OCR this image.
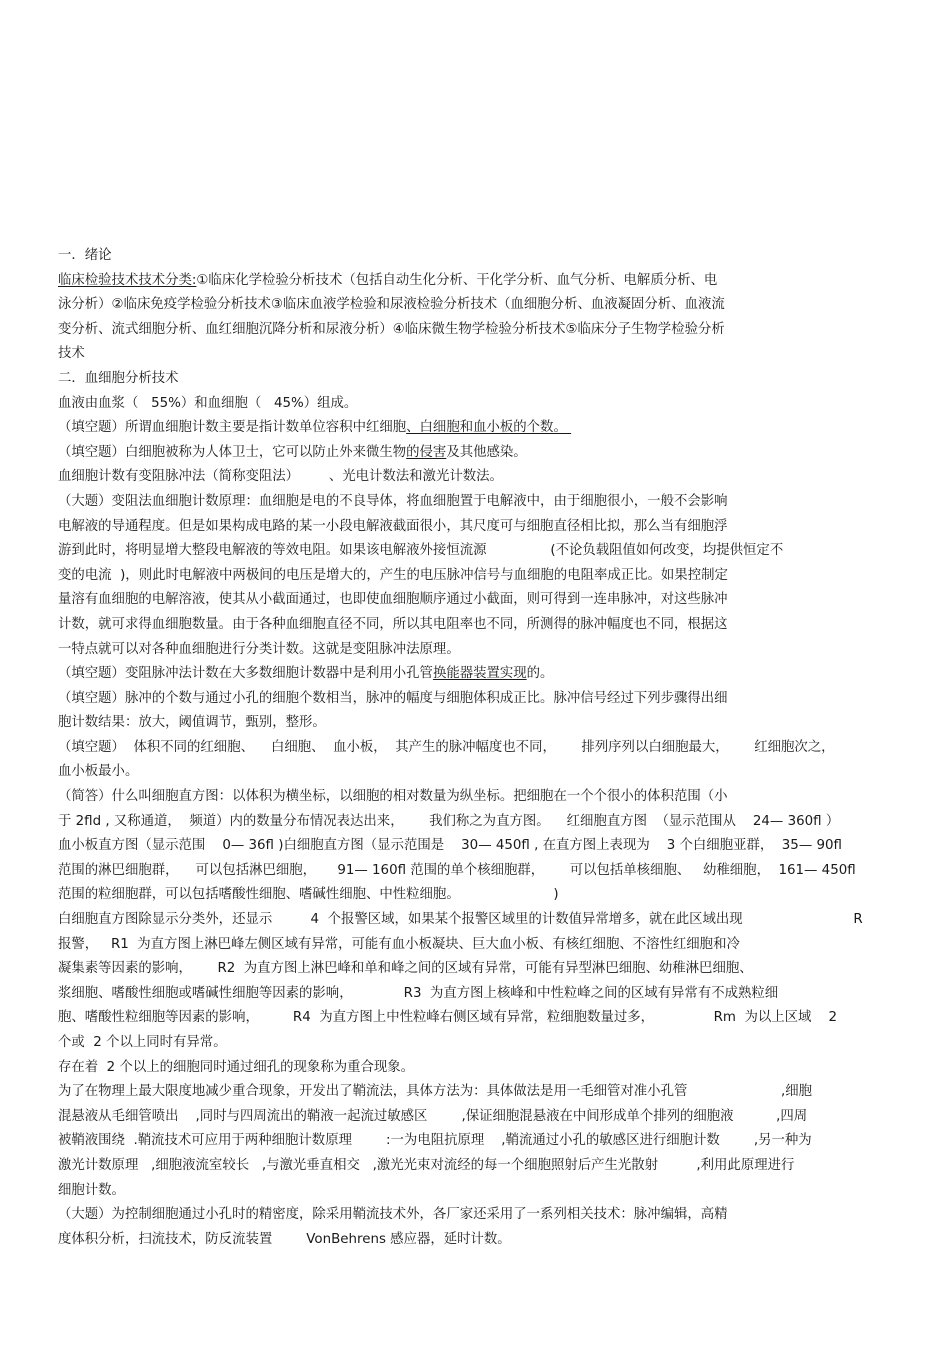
一．绪论
临床检验技术技术分类:①临床化学检验分析技术（包括自动生化分析、干化学分析、血气分析、电解质分析、电
泳分析）②临床免疫学检验分析技术③临床血液学检验和尿液检验分析技术（血细胞分析、血液凝固分析、血液流
变分析、流式细胞分析、血红细胞沉降分析和尿液分析）④临床微生物学检验分析技术⑤临床分子生物学检验分析
技术
二．血细胞分析技术
血液由血浆（   55%）和血细胞（   45%）组成。
（填空题）所谓血细胞计数主要是指计数单位容积中红细胞、白细胞和血小板的个数。
（填空题）白细胞被称为人体卫士，它可以防止外来微生物的侵害及其他感染。
血细胞计数有变阻脉冲法（简称变阻法）       、光电计数法和激光计数法。
（大题）变阻法血细胞计数原理：血细胞是电的不良导体，将血细胞置于电解液中，由于细胞很小，一般不会影响
电解液的导通程度。但是如果构成电路的某一小段电解液截面很小，其尺度可与细胞直径相比拟，那么当有细胞浮
游到此时，将明显增大整段电解液的等效电阻。如果该电解液外接恒流源               (不论负载阻值如何改变，均提供恒定不
变的电流  )，则此时电解液中两极间的电压是增大的，产生的电压脉冲信号与血细胞的电阻率成正比。如果控制定
量溶有血细胞的电解溶液，使其从小截面通过，也即使血细胞顺序通过小截面，则可得到一连串脉冲，对这些脉冲
计数，就可求得血细胞数量。由于各种血细胞直径不同，所以其电阻率也不同，所测得的脉冲幅度也不同，根据这
一特点就可以对各种血细胞进行分类计数。这就是变阻脉冲法原理。
（填空题）变阻脉冲法计数在大多数细胞计数器中是利用小孔管换能器装置实现的。
（填空题）脉冲的个数与通过小孔的细胞个数相当，脉冲的幅度与细胞体积成正比。脉冲信号经过下列步骤得出细
胞计数结果：放大，阈值调节，甄别，整形。
（填空题）  体积不同的红细胞、    白细胞、  血小板，  其产生的脉冲幅度也不同，      排列序列以白细胞最大，      红细胞次之，
血小板最小。
（简答）什么叫细胞直方图：以体积为横坐标，以细胞的相对数量为纵坐标。把细胞在一个个很小的体积范围（小
于 2fld , 又称通道，  频道）内的数量分布情况表达出来，      我们称之为直方图。    红细胞直方图  （显示范围从    24— 360fl ）
血小板直方图（显示范围    0— 36fl )白细胞直方图（显示范围是    30— 450fl , 在直方图上表现为    3 个白细胞亚群，  35— 90fl
范围的淋巴细胞群，    可以包括淋巴细胞，     91— 160fl 范围的单个核细胞群，      可以包括单核细胞、   幼稚细胞，  161— 450fl
范围的粒细胞群，可以包括嗜酸性细胞、嗜碱性细胞、中性粒细胞。                      )
白细胞直方图除显示分类外，还显示         4  个报警区域，如果某个报警区域里的计数值异常增多，就在此区域出现                          R
报警，   R1  为直方图上淋巴峰左侧区域有异常，可能有血小板凝块、巨大血小板、有核红细胞、不溶性红细胞和冷
凝集素等因素的影响，      R2  为直方图上淋巴峰和单和峰之间的区域有异常，可能有异型淋巴细胞、幼稚淋巴细胞、
浆细胞、嗜酸性细胞或嗜碱性细胞等因素的影响，            R3  为直方图上核峰和中性粒峰之间的区域有异常有不成熟粒细
胞、嗜酸性粒细胞等因素的影响，        R4  为直方图上中性粒峰右侧区域有异常，粒细胞数量过多，              Rm  为以上区域    2
个或  2 个以上同时有异常。
存在着  2 个以上的细胞同时通过细孔的现象称为重合现象。
为了在物理上最大限度地减少重合现象，开发出了鞘流法，具体方法为：具体做法是用一毛细管对准小孔管                      ,细胞
混悬液从毛细管喷出    ,同时与四周流出的鞘液一起流过敏感区        ,保证细胞混悬液在中间形成单个排列的细胞液          ,四周
被鞘液围绕  .鞘流技术可应用于两种细胞计数原理        :一为电阻抗原理    ,鞘流通过小孔的敏感区进行细胞计数        ,另一种为
激光计数原理   ,细胞液流室较长   ,与激光垂直相交   ,激光光束对流经的每一个细胞照射后产生光散射         ,利用此原理进行
细胞计数。
（大题）为控制细胞通过小孔时的精密度，除采用鞘流技术外，各厂家还采用了一系列相关技术：脉冲编辑，高精
度体积分析，扫流技术，防反流装置        VonBehrens 感应器，延时计数。
